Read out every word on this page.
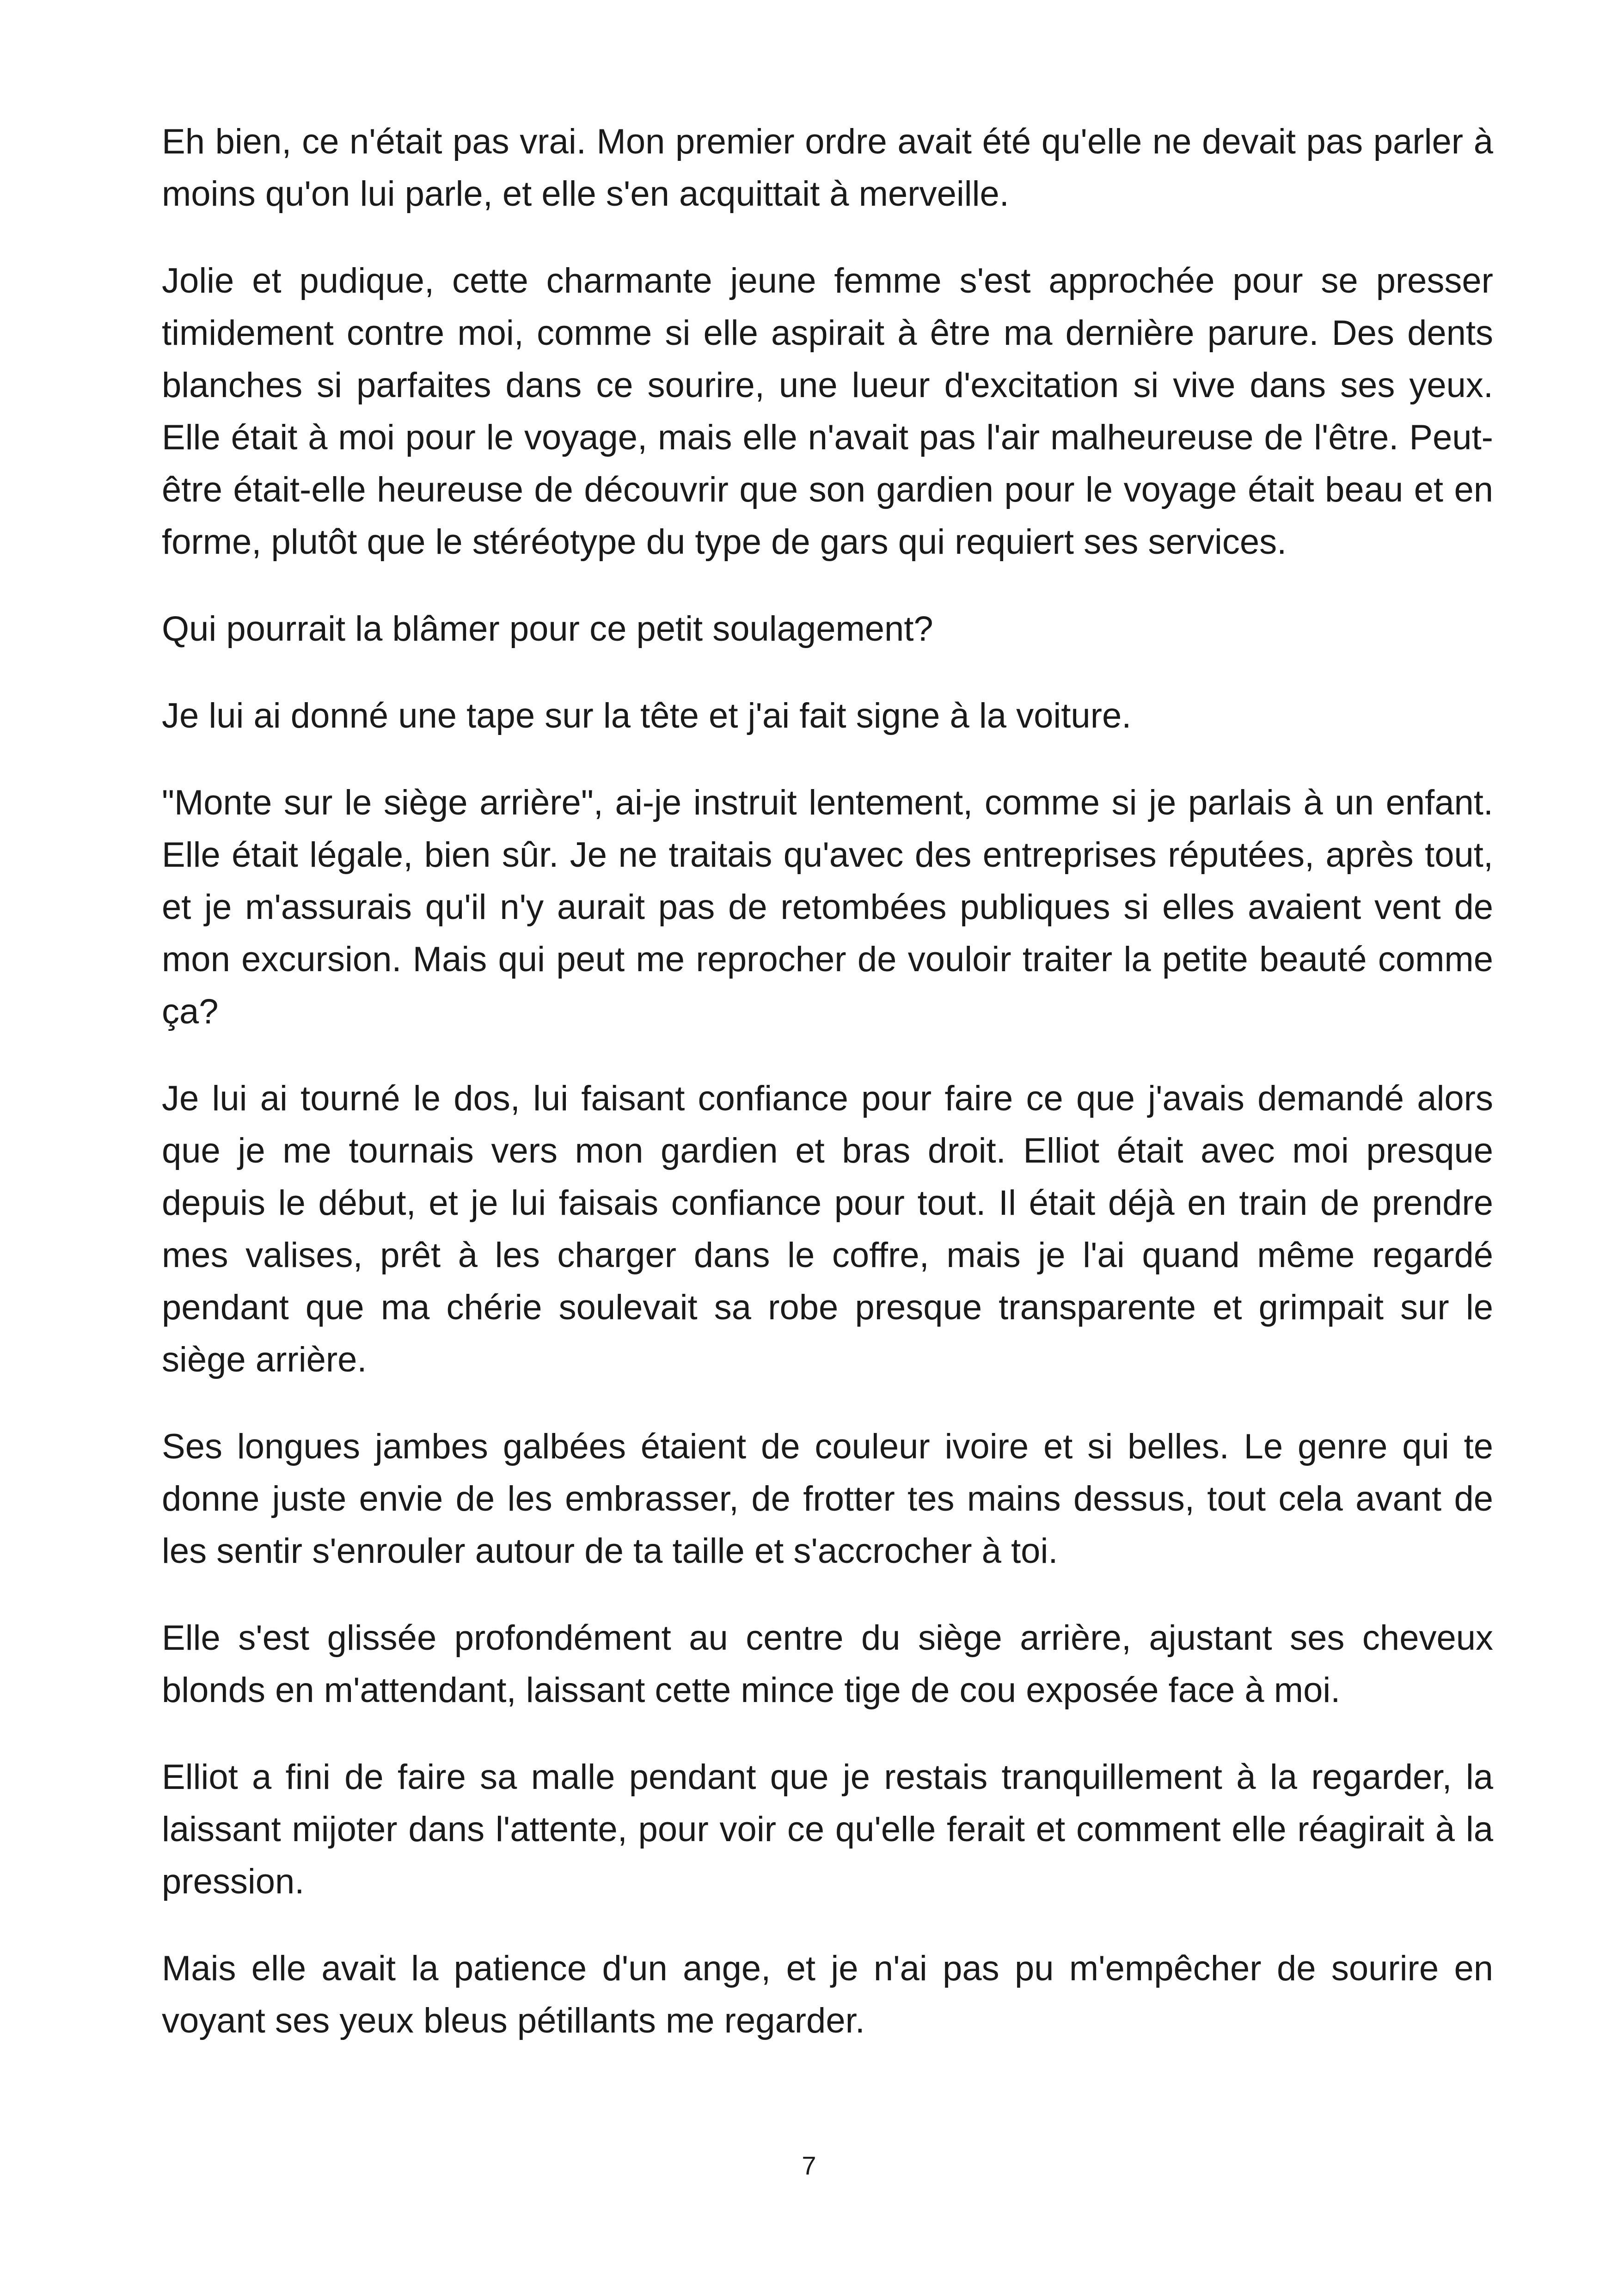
Eh bien, ce n'était pas vrai. Mon premier ordre avait été qu'elle ne devait pas parler à moins qu'on lui parle, et elle s'en acquittait à merveille.

Jolie et pudique, cette charmante jeune femme s'est approchée pour se presser timidement contre moi, comme si elle aspirait à être ma dernière parure. Des dents blanches si parfaites dans ce sourire, une lueur d'excitation si vive dans ses yeux. Elle était à moi pour le voyage, mais elle n'avait pas l'air malheureuse de l'être. Peut-être était-elle heureuse de découvrir que son gardien pour le voyage était beau et en forme, plutôt que le stéréotype du type de gars qui requiert ses services.

Qui pourrait la blâmer pour ce petit soulagement?

Je lui ai donné une tape sur la tête et j'ai fait signe à la voiture.

"Monte sur le siège arrière", ai-je instruit lentement, comme si je parlais à un enfant. Elle était légale, bien sûr. Je ne traitais qu'avec des entreprises réputées, après tout, et je m'assurais qu'il n'y aurait pas de retombées publiques si elles avaient vent de mon excursion. Mais qui peut me reprocher de vouloir traiter la petite beauté comme ça?

Je lui ai tourné le dos, lui faisant confiance pour faire ce que j'avais demandé alors que je me tournais vers mon gardien et bras droit. Elliot était avec moi presque depuis le début, et je lui faisais confiance pour tout. Il était déjà en train de prendre mes valises, prêt à les charger dans le coffre, mais je l'ai quand même regardé pendant que ma chérie soulevait sa robe presque transparente et grimpait sur le siège arrière.

Ses longues jambes galbées étaient de couleur ivoire et si belles. Le genre qui te donne juste envie de les embrasser, de frotter tes mains dessus, tout cela avant de les sentir s'enrouler autour de ta taille et s'accrocher à toi.

Elle s'est glissée profondément au centre du siège arrière, ajustant ses cheveux blonds en m'attendant, laissant cette mince tige de cou exposée face à moi.

Elliot a fini de faire sa malle pendant que je restais tranquillement à la regarder, la laissant mijoter dans l'attente, pour voir ce qu'elle ferait et comment elle réagirait à la pression.

Mais elle avait la patience d'un ange, et je n'ai pas pu m'empêcher de sourire en voyant ses yeux bleus pétillants me regarder.

7
